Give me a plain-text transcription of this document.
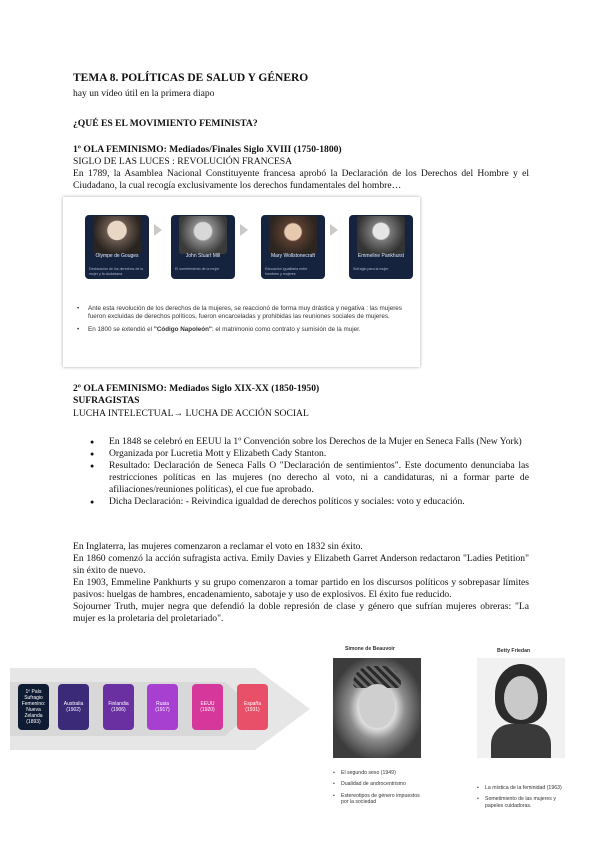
TEMA 8. POLÍTICAS DE SALUD Y GÉNERO
hay un vídeo útil en la primera diapo
¿QUÉ ES EL MOVIMIENTO FEMINISTA?
1º OLA FEMINISMO: Mediados/Finales Siglo XVIII (1750-1800)
SIGLO DE LAS LUCES : REVOLUCIÓN FRANCESA
En 1789, la Asamblea Nacional Constituyente francesa aprobó la Declaración de los Derechos del Hombre y el Ciudadano, la cual recogía exclusivamente los derechos fundamentales del hombre…
Olympe de Gouges
Declaración de los derechos de la mujer y la ciudadana
John Stuart Mill
El sometimiento de la mujer
Mary Wollstonecraft
Educación igualitaria entre hombres y mujeres
Emmeline Pankhurst
Sufragio para la mujer
• Ante esta revolución de los derechos de la mujeres, se reaccionó de forma muy drástica y negativa : las mujeres fueron excluidas de derechos políticos, fueron encarceladas y prohibidas las reuniones sociales de mujeres.
• En 1800 se extendió el "Código Napoleón": el matrimonio como contrato y sumisión de la mujer.
2º OLA FEMINISMO: Mediados Siglo XIX-XX (1850-1950)
SUFRAGISTAS
LUCHA INTELECTUAL→ LUCHA DE ACCIÓN SOCIAL
● En 1848 se celebró en EEUU la 1º Convención sobre los Derechos de la Mujer en Seneca Falls (New York)
● Organizada por Lucretia Mott y Elizabeth Cady Stanton.
● Resultado: Declaración de Seneca Falls O "Declaración de sentimientos". Este documento denunciaba las restricciones políticas en las mujeres (no derecho al voto, ni a candidaturas, ni a formar parte de afiliaciones/reuniones políticas), el cue fue aprobado.
● Dicha Declaración: - Reivindica igualdad de derechos políticos y sociales: voto y educación.
En Inglaterra, las mujeres comenzaron a reclamar el voto en 1832 sin éxito.
En 1860 comenzó la acción sufragista activa. Emily Davies y Elizabeth Garret Anderson redactaron "Ladies Petition" sin éxito de nuevo.
En 1903, Emmeline Pankhurts y su grupo comenzaron a tomar partido en los discursos políticos y sobrepasar límites pasivos: huelgas de hambres, encadenamiento, sabotaje y uso de explosivos. El éxito fue reducido.
Sojourner Truth, mujer negra que defendió la doble represión de clase y género que sufrían mujeres obreras: "La mujer es la proletaria del proletariado".
1º País Sufragio Femenino: Nueva Zelanda (1893)
Australia (1902)
Finlandia (1906)
Rusia (1917)
EEUU (1920)
España (1931)
Simone de Beauvoir
• El segundo sexo (1949)
• Dualidad de androcentrismo
• Estereotipos de género impuestos por la sociedad
Betty Friedan
• La mística de la feminidad (1963)
• Sometimiento de las mujeres y papeles cuidadoras.
